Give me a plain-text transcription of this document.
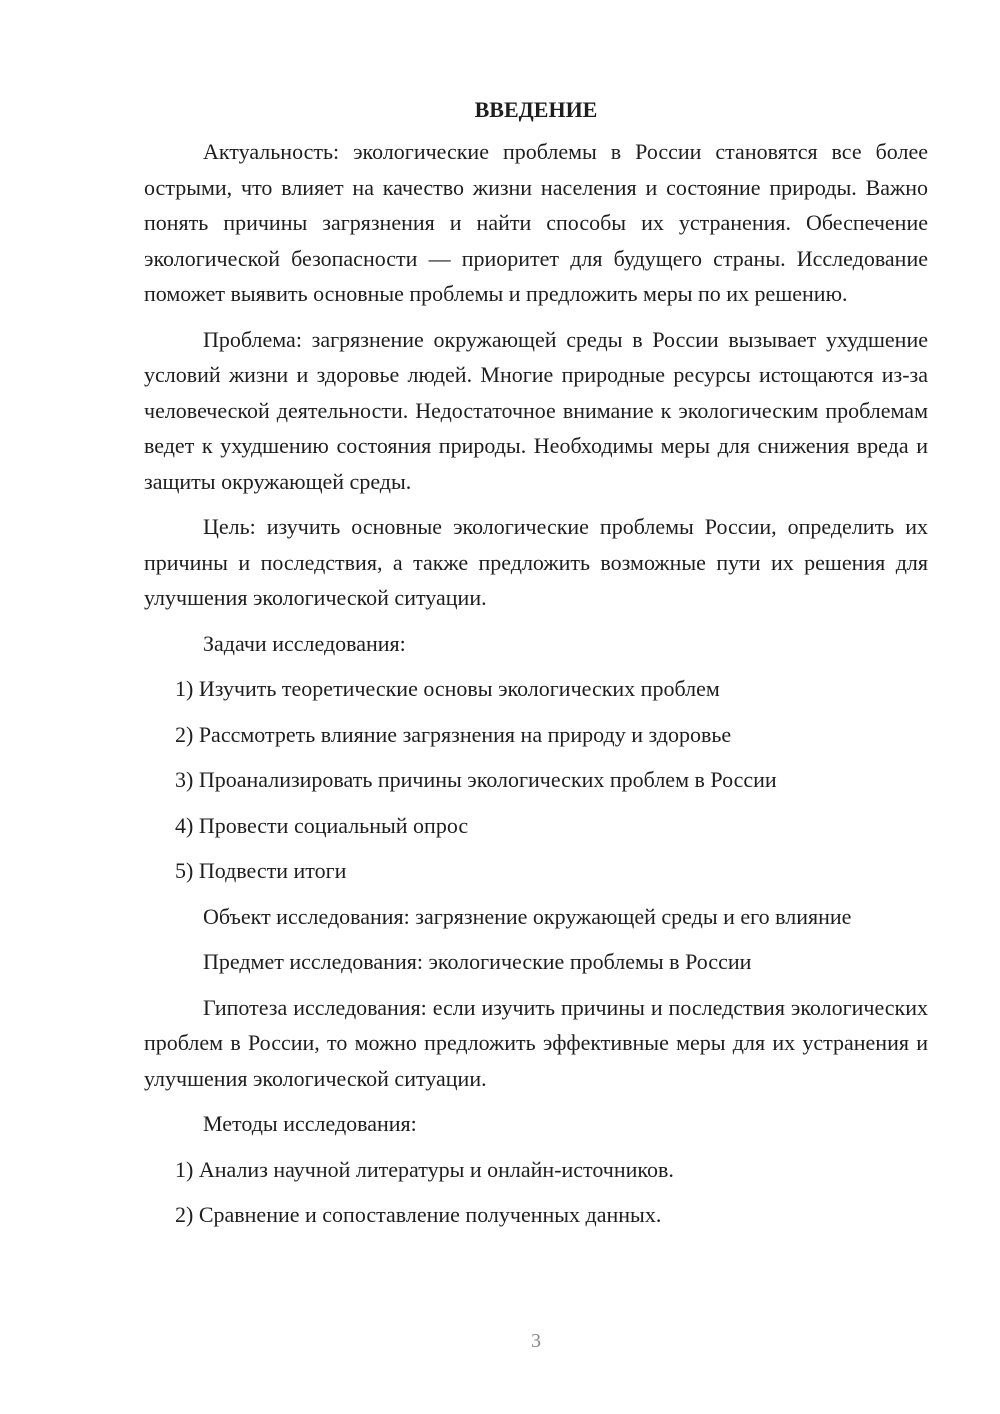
ВВЕДЕНИЕ

Актуальность: экологические проблемы в России становятся все более острыми, что влияет на качество жизни населения и состояние природы. Важно понять причины загрязнения и найти способы их устранения. Обеспечение экологической безопасности — приоритет для будущего страны. Исследование поможет выявить основные проблемы и предложить меры по их решению.

Проблема: загрязнение окружающей среды в России вызывает ухудшение условий жизни и здоровье людей. Многие природные ресурсы истощаются из-за человеческой деятельности. Недостаточное внимание к экологическим проблемам ведет к ухудшению состояния природы. Необходимы меры для снижения вреда и защиты окружающей среды.

Цель: изучить основные экологические проблемы России, определить их причины и последствия, а также предложить возможные пути их решения для улучшения экологической ситуации.

Задачи исследования:

1) Изучить теоретические основы экологических проблем

2) Рассмотреть влияние загрязнения на природу и здоровье

3) Проанализировать причины экологических проблем в России

4) Провести социальный опрос

5) Подвести итоги

Объект исследования: загрязнение окружающей среды и его влияние

Предмет исследования: экологические проблемы в России

Гипотеза исследования: если изучить причины и последствия экологических проблем в России, то можно предложить эффективные меры для их устранения и улучшения экологической ситуации.

Методы исследования:

1) Анализ научной литературы и онлайн-источников.

2) Сравнение и сопоставление полученных данных.

3
